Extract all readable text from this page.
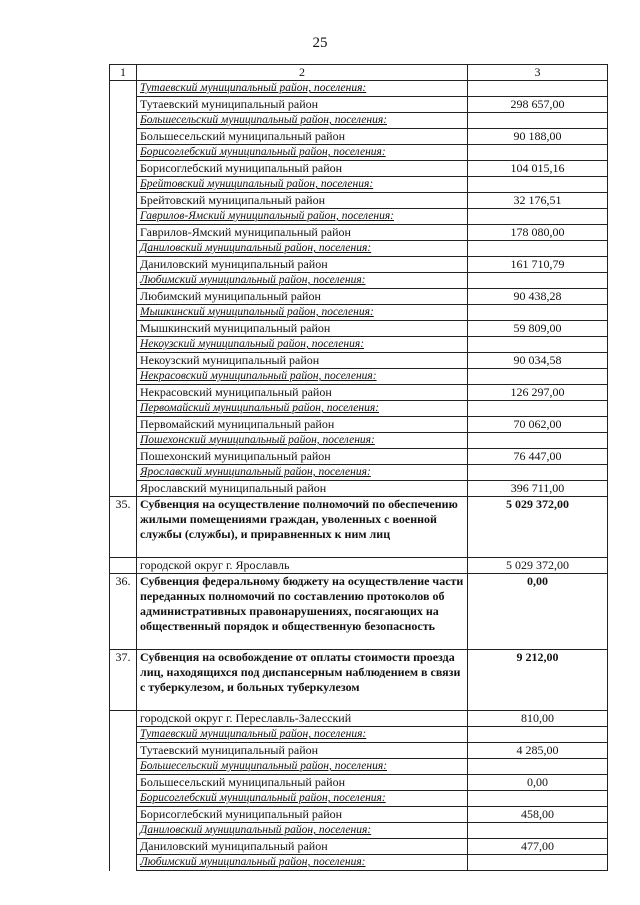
25
1	2	3
	Тутаевский муниципальный район, поселения:	
	Тутаевский муниципальный район	298 657,00
	Большесельский муниципальный район, поселения:	
	Большесельский муниципальный район	90 188,00
	Борисоглебский муниципальный район, поселения:	
	Борисоглебский муниципальный район	104 015,16
	Брейтовский муниципальный район, поселения:	
	Брейтовский муниципальный район	32 176,51
	Гаврилов-Ямский муниципальный район, поселения:	
	Гаврилов-Ямский муниципальный район	178 080,00
	Даниловский муниципальный район, поселения:	
	Даниловский муниципальный район	161 710,79
	Любимский муниципальный район, поселения:	
	Любимский муниципальный район	90 438,28
	Мышкинский муниципальный район, поселения:	
	Мышкинский муниципальный район	59 809,00
	Некоузский муниципальный район, поселения:	
	Некоузский муниципальный район	90 034,58
	Некрасовский муниципальный район, поселения:	
	Некрасовский муниципальный район	126 297,00
	Первомайский муниципальный район, поселения:	
	Первомайский муниципальный район	70 062,00
	Пошехонский муниципальный район, поселения:	
	Пошехонский муниципальный район	76 447,00
	Ярославский муниципальный район, поселения:	
	Ярославский муниципальный район	396 711,00
35.	Субвенция на осуществление полномочий по обеспечению жилыми помещениями граждан, уволенных с военной службы (службы), и приравненных к ним лиц	5 029 372,00
	городской округ г. Ярославль	5 029 372,00
36.	Субвенция федеральному бюджету на осуществление части переданных полномочий по составлению протоколов об административных правонарушениях, посягающих на общественный порядок и общественную безопасность	0,00
37.	Субвенция на освобождение от оплаты стоимости проезда лиц, находящихся под диспансерным наблюдением в связи с туберкулезом, и больных туберкулезом	9 212,00
	городской округ г. Переславль-Залесский	810,00
	Тутаевский муниципальный район, поселения:	
	Тутаевский муниципальный район	4 285,00
	Большесельский муниципальный район, поселения:	
	Большесельский муниципальный район	0,00
	Борисоглебский муниципальный район, поселения:	
	Борисоглебский муниципальный район	458,00
	Даниловский муниципальный район, поселения:	
	Даниловский муниципальный район	477,00
	Любимский муниципальный район, поселения:	
